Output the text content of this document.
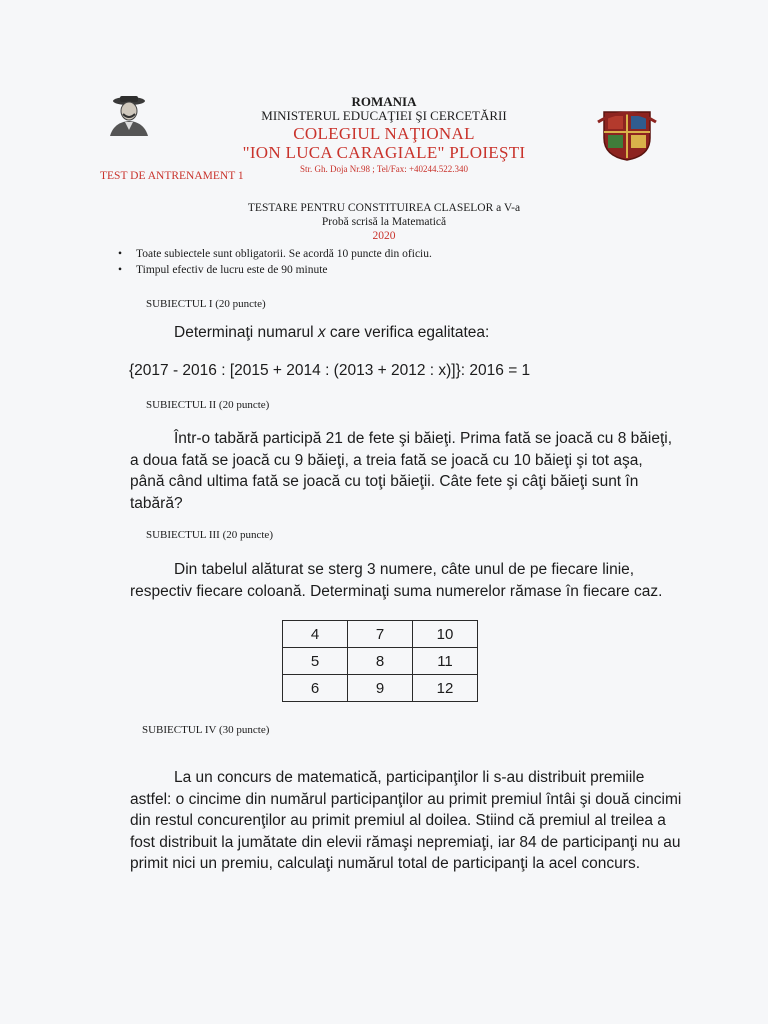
ROMANIA
MINISTERUL EDUCAŢIEI ŞI CERCETĂRII
COLEGIUL NAŢIONAL
"ION LUCA CARAGIALE" PLOIEŞTI
Str. Gh. Doja Nr.98 ; Tel/Fax: +40244.522.340
TEST DE ANTRENAMENT 1
TESTARE PENTRU CONSTITUIREA CLASELOR a V-a
Probă scrisă la Matematică
2020
• Toate subiectele sunt obligatorii. Se acordă 10 puncte din oficiu.
• Timpul efectiv de lucru este de 90 minute
SUBIECTUL I (20 puncte)
Determinaţi numarul x care verifica egalitatea:
{2017 - 2016 : [2015 + 2014 : (2013 + 2012 : x)]}: 2016 = 1
SUBIECTUL II (20 puncte)
Într-o tabără participă 21 de fete şi băieţi. Prima fată se joacă cu 8 băieţi, a doua fată se joacă cu 9 băieţi, a treia fată se joacă cu 10 băieţi şi tot aşa, până când ultima fată se joacă cu toţi băieţii. Câte fete şi câţi băieţi sunt în tabără?
SUBIECTUL III (20 puncte)
Din tabelul alăturat se sterg 3 numere, câte unul de pe fiecare linie, respectiv fiecare coloană. Determinaţi suma numerelor rămase în fiecare caz.
4	7	10
5	8	11
6	9	12
SUBIECTUL IV (30 puncte)
La un concurs de matematică, participanţilor li s-au distribuit premiile astfel: o cincime din numărul participanţilor au primit premiul întâi şi două cincimi din restul concurenţilor au primit premiul al doilea. Stiind că premiul al treilea a fost distribuit la jumătate din elevii rămaşi nepremiaţi, iar 84 de participanţi nu au primit nici un premiu, calculaţi numărul total de participanţi la acel concurs.
